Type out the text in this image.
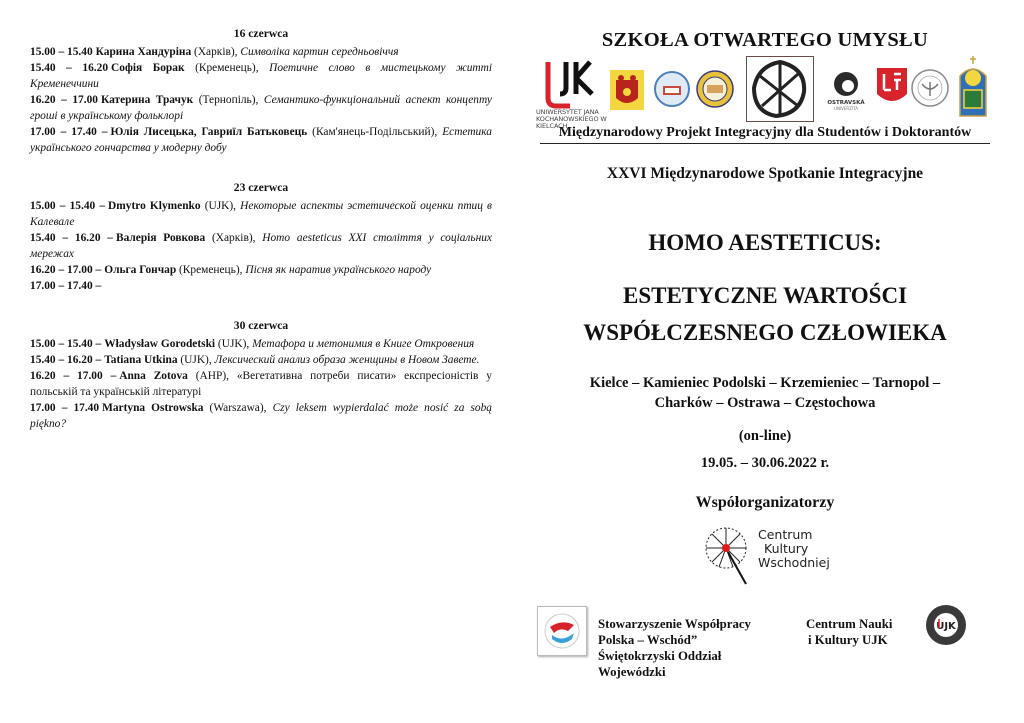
16 czerwca
15.00 – 15.40 Карина Хандуріна (Харків), Символіка картин середньовіччя
15.40 – 16.20 Софія Борак (Кременець), Поетичне слово в мистецькому житті Кременеччини
16.20 – 17.00 Катерина Трачук (Тернопіль), Семантико-функціональний аспект концепту гроші в українському фольклорі
17.00 – 17.40 – Юлія Лисецька, Гавриїл Батьковець (Кам'янець-Подільський), Естетика українського гончарства у модерну добу
23 czerwca
15.00 – 15.40 – Dmytro Klymenko (UJK), Некоторые аспекты эстетической оценки птиц в Калевале
15.40 – 16.20 – Валерія Ровкова (Харків), Homo aesteticus XXI століття у соціальних мережах
16.20 – 17.00 – Ольга Гончар (Кременець), Пісня як наратив українського народу
17.00 – 17.40 –
30 czerwca
15.00 – 15.40 – Władysław Gorodetski (UJK), Метафора и метонимия в Книге Откровения
15.40 – 16.20 – Tatiana Utkina (UJK), Лексический анализ образа женщины в Новом Завете.
16.20 – 17.00 – Anna Zotova (АНР), «Вегетативна потреби писати» експресіоністів у польській та українській літературі
17.00 – 17.40 Martyna Ostrowska (Warszawa), Czy leksem wypierdalać może nosić za sobą piękno?
SZKOŁA OTWARTEGO UMYSŁU
UNIWERSYTET JANA KOCHANOWSKIEGO W KIELCACH
OSTRAVSKÁ
UNIVERZITA
Międzynarodowy Projekt Integracyjny dla Studentów i Doktorantów
XXVI Międzynarodowe Spotkanie Integracyjne
HOMO AESTETICUS:
ESTETYCZNE WARTOŚCI
WSPÓŁCZESNEGO CZŁOWIEKA
Kielce – Kamieniec Podolski – Krzemieniec – Tarnopol –
Charków – Ostrawa – Częstochowa
(on-line)
19.05. – 30.06.2022 r.
Współorganizatorzy
Centrum
Kultury
Wschodniej
Stowarzyszenie Współpracy
Polska – Wschód”
Świętokrzyski Oddział
Wojewódzki
Centrum Nauki
i Kultury UJK
UJK
